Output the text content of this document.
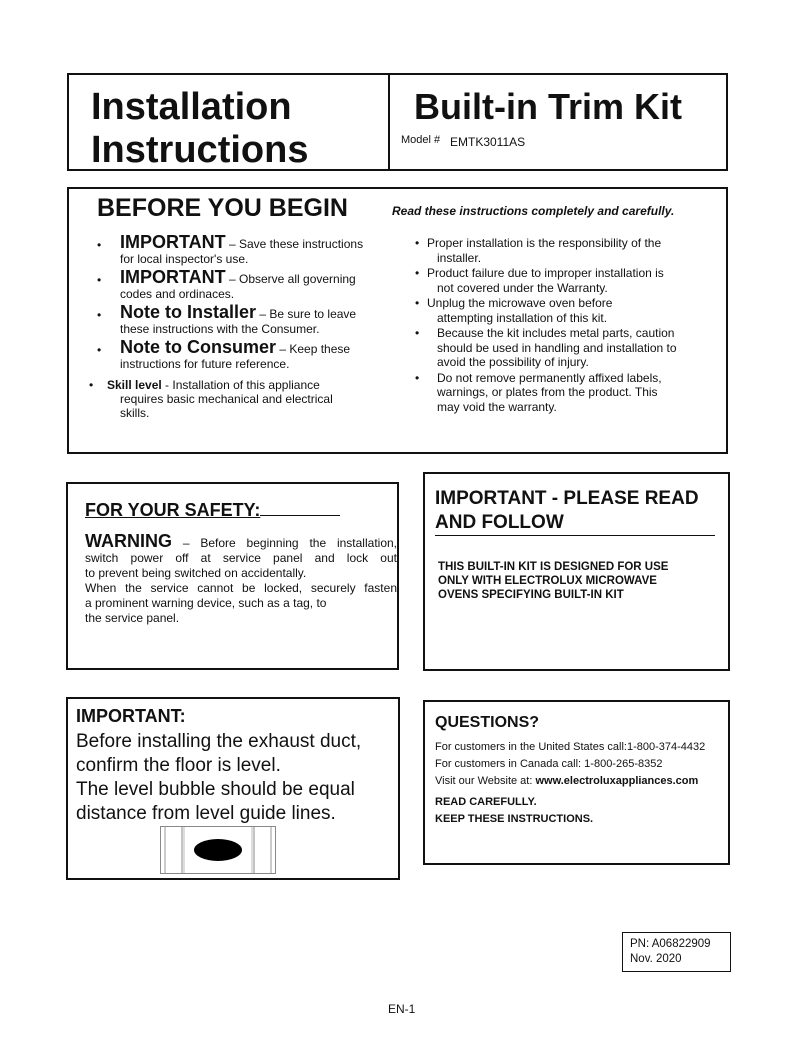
Installation
Instructions
Built-in Trim Kit
Model # EMTK3011AS
BEFORE YOU BEGIN	Read these instructions completely and carefully.
• IMPORTANT – Save these instructions
for local inspector's use.
• IMPORTANT – Observe all governing
codes and ordinaces.
• Note to Installer – Be sure to leave
these instructions with the Consumer.
• Note to Consumer – Keep these
instructions for future reference.
• Skill level - Installation of this appliance
requires basic mechanical and electrical
skills.
• Proper installation is the responsibility of the
installer.
• Product failure due to improper installation is
not covered under the Warranty.
• Unplug the microwave oven before
attempting installation of this kit.
• Because the kit includes metal parts, caution
should be used in handling and installation to
avoid the possibility of injury.
• Do not remove permanently affixed labels,
warnings, or plates from the product. This
may void the warranty.
FOR YOUR SAFETY:
WARNING – Before beginning the installation,
switch power off at service panel and lock out
to prevent being switched on accidentally.
When the service cannot be locked, securely fasten
a prominent warning device, such as a tag, to
the service panel.
IMPORTANT - PLEASE READ
AND FOLLOW
THIS BUILT-IN KIT IS DESIGNED FOR USE
ONLY WITH ELECTROLUX MICROWAVE
OVENS SPECIFYING BUILT-IN KIT
IMPORTANT:
Before installing the exhaust duct,
confirm the floor is level.
The level bubble should be equal
distance from level guide lines.
QUESTIONS?
For customers in the United States call:1-800-374-4432
For customers in Canada call: 1-800-265-8352
Visit our Website at: www.electroluxappliances.com
READ CAREFULLY.
KEEP THESE INSTRUCTIONS.
PN: A06822909
Nov. 2020
EN-1
